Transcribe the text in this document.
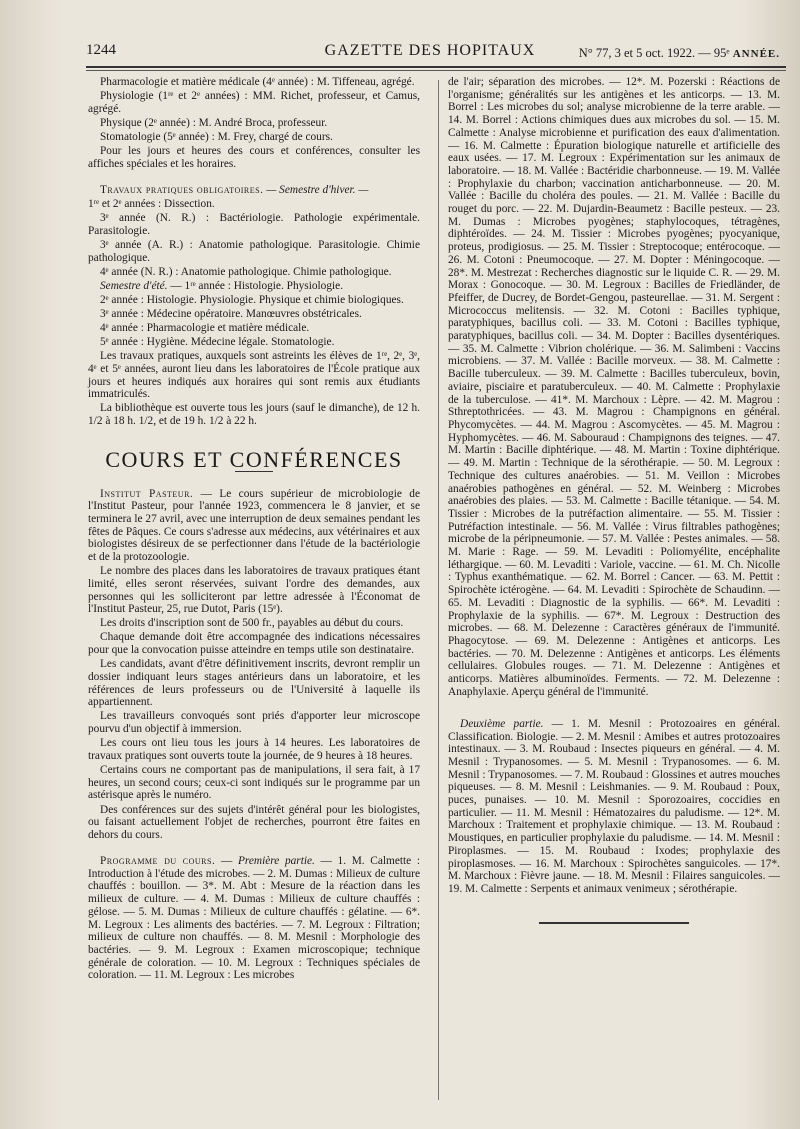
1244	GAZETTE DES HOPITAUX	N° 77, 3 et 5 oct. 1922. — 95ᵉ ANNÉE.

Pharmacologie et matière médicale (4ᵉ année) : M. Tiffeneau, agrégé.

Physiologie (1ʳᵉ et 2ᵉ années) : MM. Richet, professeur, et Camus, agrégé.

Physique (2ᵉ année) : M. André Broca, professeur.

Stomatologie (5ᵉ année) : M. Frey, chargé de cours.

Pour les jours et heures des cours et conférences, consulter les affiches spéciales et les horaires.

Travaux pratiques obligatoires. — Semestre d'hiver. —

1ʳᵉ et 2ᵉ années : Dissection.

3ᵉ année (N. R.) : Bactériologie. Pathologie expérimentale. Parasitologie.

3ᵉ année (A. R.) : Anatomie pathologique. Parasitologie. Chimie pathologique.

4ᵉ année (N. R.) : Anatomie pathologique. Chimie pathologique.

Semestre d'été. — 1ʳᵉ année : Histologie. Physiologie.

2ᵉ année : Histologie. Physiologie. Physique et chimie biologiques.

3ᵉ année : Médecine opératoire. Manœuvres obstétricales.

4ᵉ année : Pharmacologie et matière médicale.

5ᵉ année : Hygiène. Médecine légale. Stomatologie.

Les travaux pratiques, auxquels sont astreints les élèves de 1ʳᵉ, 2ᵉ, 3ᵉ, 4ᵉ et 5ᵉ années, auront lieu dans les laboratoires de l'École pratique aux jours et heures indiqués aux horaires qui sont remis aux étudiants immatriculés.

La bibliothèque est ouverte tous les jours (sauf le dimanche), de 12 h. 1/2 à 18 h. 1/2, et de 19 h. 1/2 à 22 h.

COURS ET CONFÉRENCES

Institut Pasteur. — Le cours supérieur de microbiologie de l'Institut Pasteur, pour l'année 1923, commencera le 8 janvier, et se terminera le 27 avril, avec une interruption de deux semaines pendant les fêtes de Pâques. Ce cours s'adresse aux médecins, aux vétérinaires et aux biologistes désireux de se perfectionner dans l'étude de la bactériologie et de la protozoologie.

Le nombre des places dans les laboratoires de travaux pratiques étant limité, elles seront réservées, suivant l'ordre des demandes, aux personnes qui les solliciteront par lettre adressée à l'Économat de l'Institut Pasteur, 25, rue Dutot, Paris (15ᵉ).

Les droits d'inscription sont de 500 fr., payables au début du cours.

Chaque demande doit être accompagnée des indications nécessaires pour que la convocation puisse atteindre en temps utile son destinataire.

Les candidats, avant d'être définitivement inscrits, devront remplir un dossier indiquant leurs stages antérieurs dans un laboratoire, et les références de leurs professeurs ou de l'Université à laquelle ils appartiennent.

Les travailleurs convoqués sont priés d'apporter leur microscope pourvu d'un objectif à immersion.

Les cours ont lieu tous les jours à 14 heures. Les laboratoires de travaux pratiques sont ouverts toute la journée, de 9 heures à 18 heures.

Certains cours ne comportant pas de manipulations, il sera fait, à 17 heures, un second cours; ceux-ci sont indiqués sur le programme par un astérisque après le numéro.

Des conférences sur des sujets d'intérêt général pour les biologistes, ou faisant actuellement l'objet de recherches, pourront être faites en dehors du cours.

Programme du cours. — Première partie. — 1. M. Calmette : Introduction à l'étude des microbes. — 2. M. Dumas : Milieux de culture chauffés : bouillon. — 3*. M. Abt : Mesure de la réaction dans les milieux de culture. — 4. M. Dumas : Milieux de culture chauffés : gélose. — 5. M. Dumas : Milieux de culture chauffés : gélatine. — 6*. M. Legroux : Les aliments des bactéries. — 7. M. Legroux : Filtration; milieux de culture non chauffés. — 8. M. Mesnil : Morphologie des bactéries. — 9. M. Legroux : Examen microscopique; technique générale de coloration. — 10. M. Legroux : Techniques spéciales de coloration. — 11. M. Legroux : Les microbes

de l'air; séparation des microbes. — 12*. M. Pozerski : Réactions de l'organisme; généralités sur les antigènes et les anticorps. — 13. M. Borrel : Les microbes du sol; analyse microbienne de la terre arable. — 14. M. Borrel : Actions chimiques dues aux microbes du sol. — 15. M. Calmette : Analyse microbienne et purification des eaux d'alimentation. — 16. M. Calmette : Épuration biologique naturelle et artificielle des eaux usées. — 17. M. Legroux : Expérimentation sur les animaux de laboratoire. — 18. M. Vallée : Bactéridie charbonneuse. — 19. M. Vallée : Prophylaxie du charbon; vaccination anticharbonneuse. — 20. M. Vallée : Bacille du choléra des poules. — 21. M. Vallée : Bacille du rouget du porc. — 22. M. Dujardin-Beaumetz : Bacille pesteux. — 23. M. Dumas : Microbes pyogènes; staphylocoques, tétragènes, diphtéroïdes. — 24. M. Tissier : Microbes pyogènes; pyocyanique, proteus, prodigiosus. — 25. M. Tissier : Streptocoque; entérocoque. — 26. M. Cotoni : Pneumocoque. — 27. M. Dopter : Méningocoque. — 28*. M. Mestrezat : Recherches diagnostic sur le liquide C. R. — 29. M. Morax : Gonocoque. — 30. M. Legroux : Bacilles de Friedländer, de Pfeiffer, de Ducrey, de Bordet-Gengou, pasteurellae. — 31. M. Sergent : Micrococcus melitensis. — 32. M. Cotoni : Bacilles typhique, paratyphiques, bacillus coli. — 33. M. Cotoni : Bacilles typhique, paratyphiques, bacillus coli. — 34. M. Dopter : Bacilles dysentériques. — 35. M. Calmette : Vibrion cholérique. — 36. M. Salimbeni : Vaccins microbiens. — 37. M. Vallée : Bacille morveux. — 38. M. Calmette : Bacille tuberculeux. — 39. M. Calmette : Bacilles tuberculeux, bovin, aviaire, pisciaire et paratuberculeux. — 40. M. Calmette : Prophylaxie de la tuberculose. — 41*. M. Marchoux : Lèpre. — 42. M. Magrou : Sthreptothricées. — 43. M. Magrou : Champignons en général. Phycomycètes. — 44. M. Magrou : Ascomycètes. — 45. M. Magrou : Hyphomycètes. — 46. M. Sabouraud : Champignons des teignes. — 47. M. Martin : Bacille diphtérique. — 48. M. Martin : Toxine diphtérique. — 49. M. Martin : Technique de la sérothérapie. — 50. M. Legroux : Technique des cultures anaérobies. — 51. M. Veillon : Microbes anaérobies pathogènes en général. — 52. M. Weinberg : Microbes anaérobies des plaies. — 53. M. Calmette : Bacille tétanique. — 54. M. Tissier : Microbes de la putréfaction alimentaire. — 55. M. Tissier : Putréfaction intestinale. — 56. M. Vallée : Virus filtrables pathogènes; microbe de la péripneumonie. — 57. M. Vallée : Pestes animales. — 58. M. Marie : Rage. — 59. M. Levaditi : Poliomyélite, encéphalite léthargique. — 60. M. Levaditi : Variole, vaccine. — 61. M. Ch. Nicolle : Typhus exanthématique. — 62. M. Borrel : Cancer. — 63. M. Pettit : Spirochète ictérogène. — 64. M. Levaditi : Spirochète de Schaudinn. — 65. M. Levaditi : Diagnostic de la syphilis. — 66*. M. Levaditi : Prophylaxie de la syphilis. — 67*. M. Legroux : Destruction des microbes. — 68. M. Delezenne : Caractères généraux de l'immunité. Phagocytose. — 69. M. Delezenne : Antigènes et anticorps. Les bactéries. — 70. M. Delezenne : Antigènes et anticorps. Les éléments cellulaires. Globules rouges. — 71. M. Delezenne : Antigènes et anticorps. Matières albuminoïdes. Ferments. — 72. M. Delezenne : Anaphylaxie. Aperçu général de l'immunité.

Deuxième partie. — 1. M. Mesnil : Protozoaires en général. Classification. Biologie. — 2. M. Mesnil : Amibes et autres protozoaires intestinaux. — 3. M. Roubaud : Insectes piqueurs en général. — 4. M. Mesnil : Trypanosomes. — 5. M. Mesnil : Trypanosomes. — 6. M. Mesnil : Trypanosomes. — 7. M. Roubaud : Glossines et autres mouches piqueuses. — 8. M. Mesnil : Leishmanies. — 9. M. Roubaud : Poux, puces, punaises. — 10. M. Mesnil : Sporozoaires, coccidies en particulier. — 11. M. Mesnil : Hématozaires du paludisme. — 12*. M. Marchoux : Traitement et prophylaxie chimique. — 13. M. Roubaud : Moustiques, en particulier prophylaxie du paludisme. — 14. M. Mesnil : Piroplasmes. — 15. M. Roubaud : Ixodes; prophylaxie des piroplasmoses. — 16. M. Marchoux : Spirochètes sanguicoles. — 17*. M. Marchoux : Fièvre jaune. — 18. M. Mesnil : Filaires sanguicoles. — 19. M. Calmette : Serpents et animaux venimeux ; sérothérapie.
